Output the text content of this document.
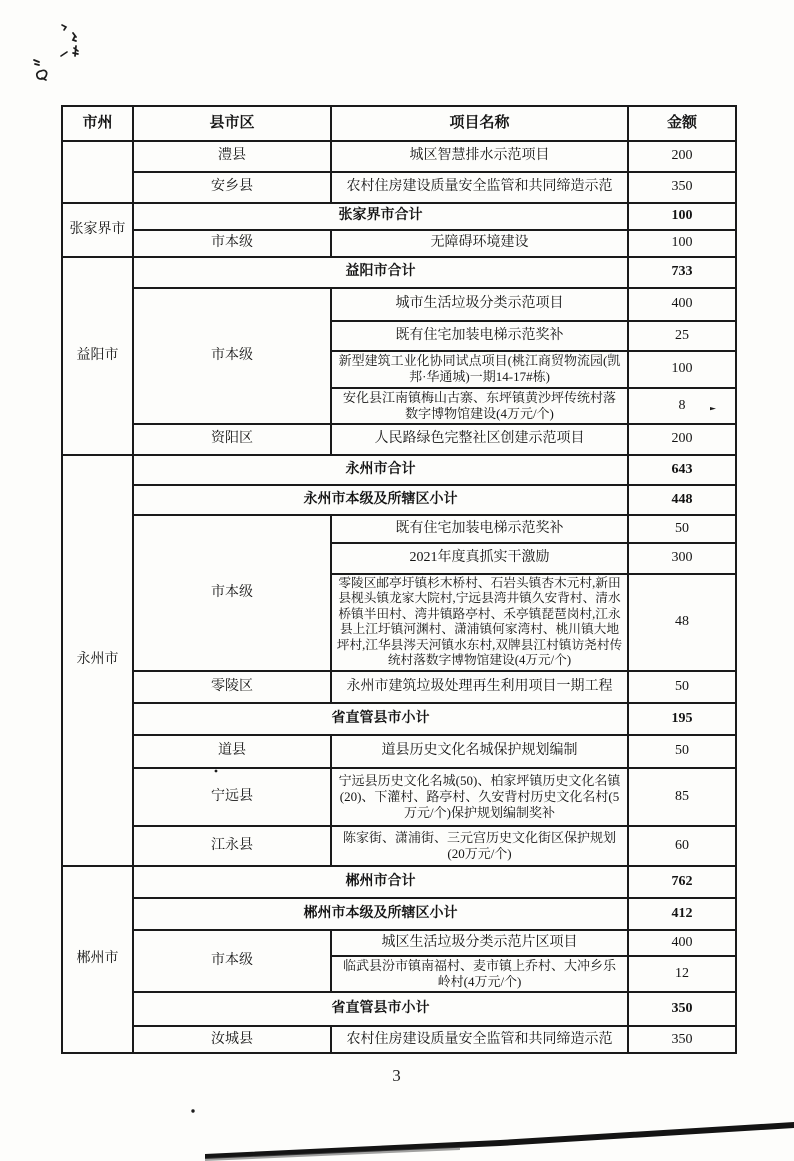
市州	县市区	项目名称	金额
	澧县	城区智慧排水示范项目	200
	安乡县	农村住房建设质量安全监管和共同缔造示范	350
张家界市	张家界市合计		100
	市本级	无障碍环境建设	100
益阳市	益阳市合计		733
	市本级	城市生活垃圾分类示范项目	400
		既有住宅加装电梯示范奖补	25
		新型建筑工业化协同试点项目(桃江商贸物流园(凯邦·华通城)一期14-17#栋)	100
		安化县江南镇梅山古寨、东坪镇黄沙坪传统村落数字博物馆建设(4万元/个)	8
	资阳区	人民路绿色完整社区创建示范项目	200
永州市	永州市合计		643
	永州市本级及所辖区小计		448
	市本级	既有住宅加装电梯示范奖补	50
		2021年度真抓实干激励	300
		零陵区邮亭圩镇杉木桥村、石岩头镇杏木元村,新田县枧头镇龙家大院村,宁远县湾井镇久安背村、清水桥镇半田村、湾井镇路亭村、禾亭镇琵琶岗村,江永县上江圩镇河渊村、潇浦镇何家湾村、桃川镇大地坪村,江华县涔天河镇水东村,双牌县江村镇访尧村传统村落数字博物馆建设(4万元/个)	48
	零陵区	永州市建筑垃圾处理再生利用项目一期工程	50
	省直管县市小计		195
	道县	道县历史文化名城保护规划编制	50
	宁远县	宁远县历史文化名城(50)、柏家坪镇历史文化名镇(20)、下灌村、路亭村、久安背村历史文化名村(5万元/个)保护规划编制奖补	85
	江永县	陈家街、潇浦街、三元宫历史文化街区保护规划(20万元/个)	60
郴州市	郴州市合计		762
	郴州市本级及所辖区小计		412
	市本级	城区生活垃圾分类示范片区项目	400
		临武县汾市镇南福村、麦市镇上乔村、大冲乡乐岭村(4万元/个)	12
	省直管县市小计		350
	汝城县	农村住房建设质量安全监管和共同缔造示范	350
3
